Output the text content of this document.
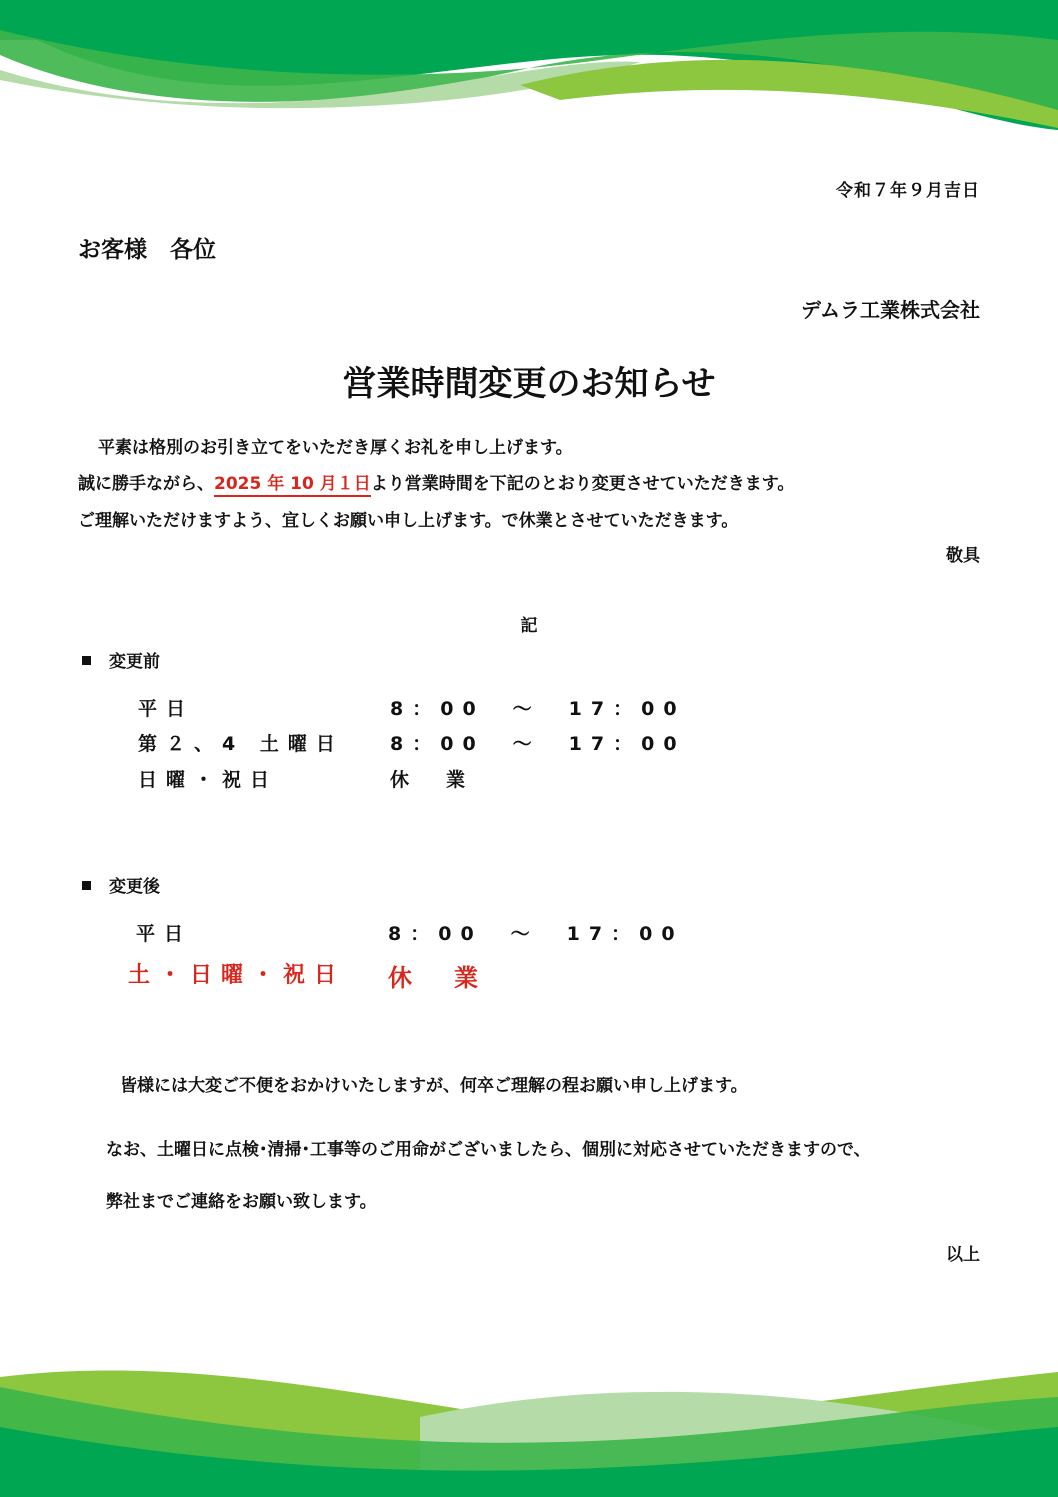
令和７年９月吉日
お客様　各位
デムラ工業株式会社
営業時間変更のお知らせ
平素は格別のお引き立てをいただき厚くお礼を申し上げます。
誠に勝手ながら、2025 年 10 月１日より営業時間を下記のとおり変更させていただきます。
ご理解いただけますよう、宜しくお願い申し上げます。で休業とさせていただきます。
敬具
記
変更前
平日	8：00　～　17：00
第２、4 土曜日 8：00　～　17：00
日曜・祝日	休　業
変更後
平日	8：00　～　17：00
土・日曜・祝日 休　業
皆様には大変ご不便をおかけいたしますが、何卒ご理解の程お願い申し上げます。
なお、土曜日に点検･清掃･工事等のご用命がございましたら、個別に対応させていただきますので、
弊社までご連絡をお願い致します。
以上
